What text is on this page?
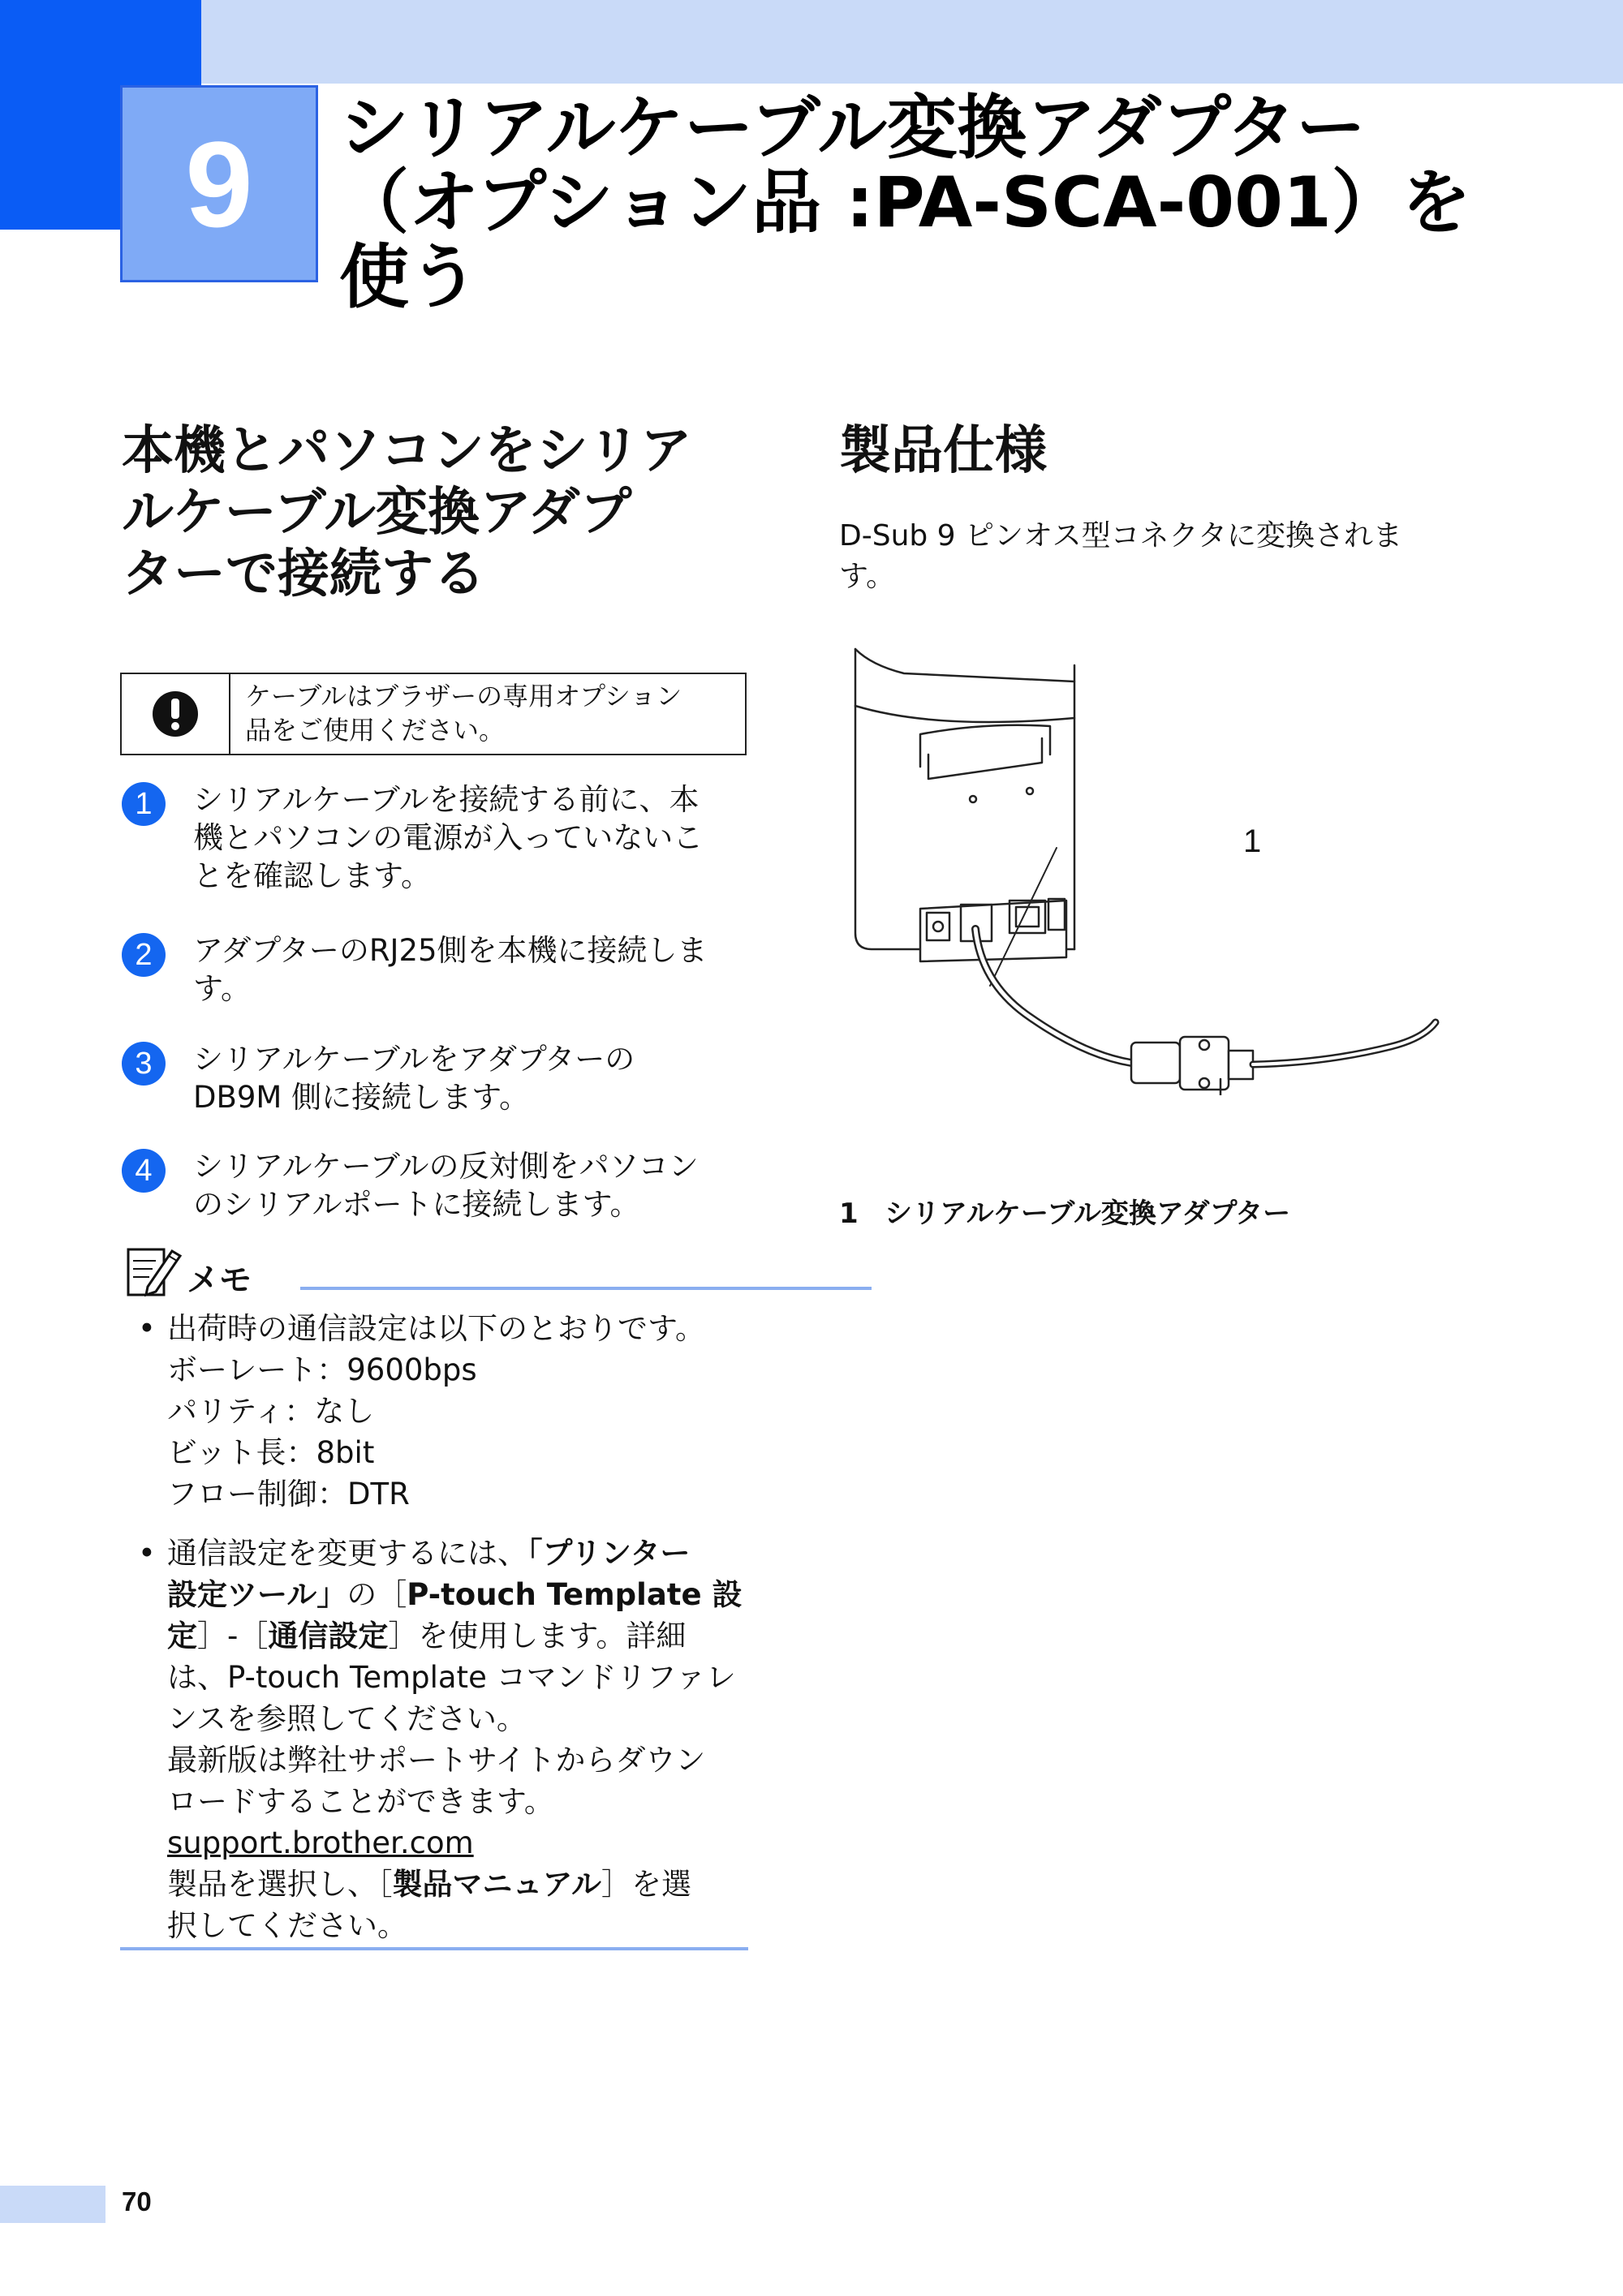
9 シリアルケーブル変換アダプター
（オプション品 :PA-SCA-001）を
使う
本機とパソコンをシリア
ルケーブル変換アダプ
ターで接続する
ケーブルはブラザーの専用オプション
品をご使用ください。
1	シリアルケーブルを接続する前に、本
機とパソコンの電源が入っていないこ
とを確認します。
2	アダプターのRJ25側を本機に接続しま
す。
3	シリアルケーブルをアダプターの
DB9M 側に接続します。
4	シリアルケーブルの反対側をパソコン
のシリアルポートに接続します。
メモ
• 出荷時の通信設定は以下のとおりです。
ボーレート：9600bps
パリティ：なし
ビット長：8bit
フロー制御：DTR
• 通信設定を変更するには、「プリンター
設定ツール」の［P-touch Template 設
定］-［通信設定］を使用します。詳細
は、P-touch Template コマンドリファレ
ンスを参照してください。
最新版は弊社サポートサイトからダウン
ロードすることができます。
support.brother.com
製品を選択し、［製品マニュアル］を選
択してください。
製品仕様
D-Sub 9 ピンオス型コネクタに変換されま
す。
1
1 シリアルケーブル変換アダプター
70
